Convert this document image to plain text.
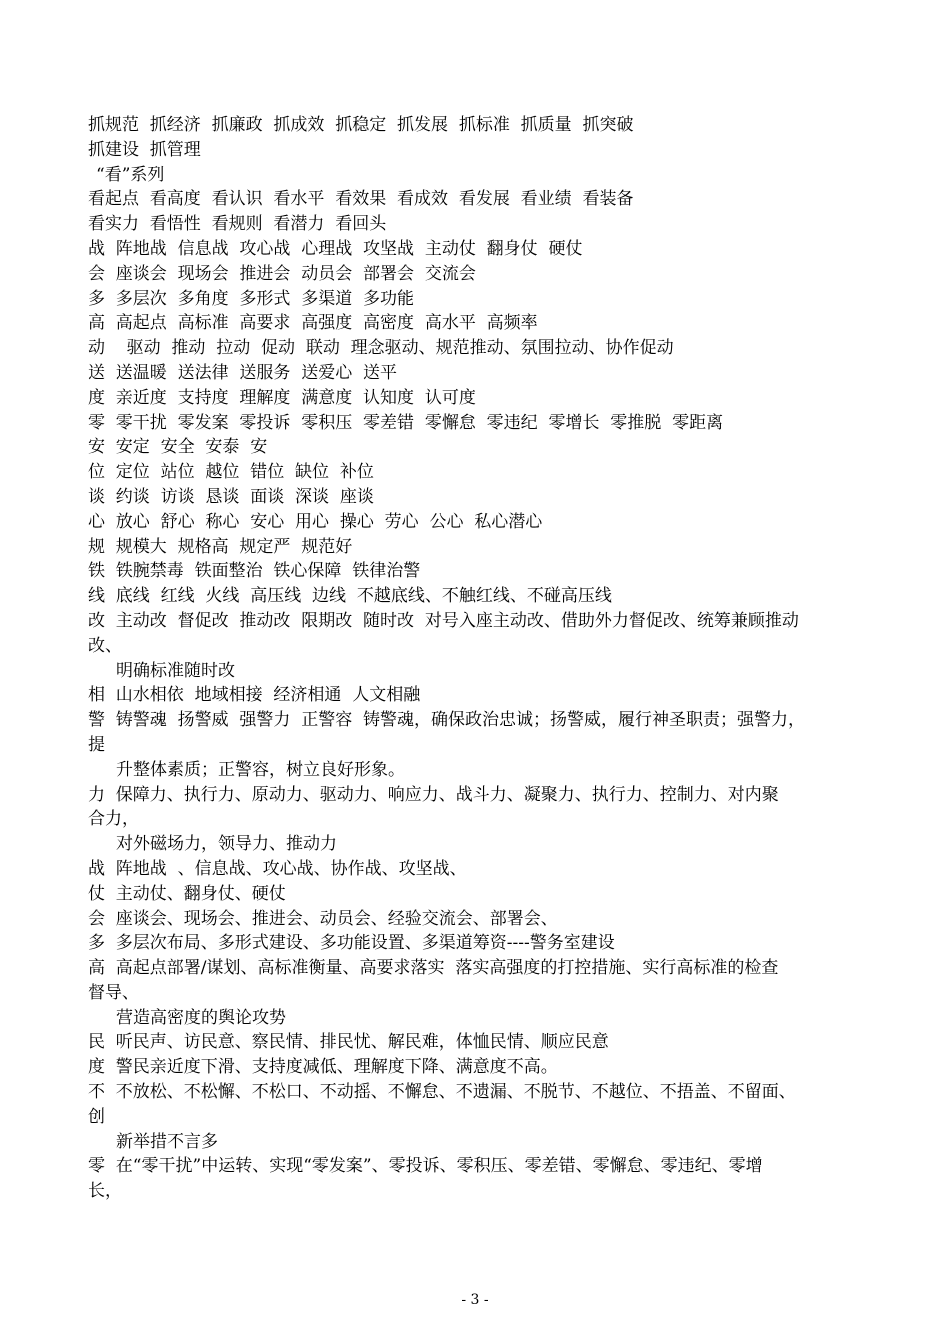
抓规范  抓经济  抓廉政  抓成效  抓稳定  抓发展  抓标准  抓质量  抓突破
抓建设  抓管理
“看”系列
看起点  看高度  看认识  看水平  看效果  看成效  看发展  看业绩  看装备
看实力  看悟性  看规则  看潜力  看回头
战  阵地战  信息战  攻心战  心理战  攻坚战  主动仗  翻身仗  硬仗
会  座谈会  现场会  推进会  动员会  部署会  交流会
多  多层次  多角度  多形式  多渠道  多功能
高  高起点  高标准  高要求  高强度  高密度  高水平  高频率
动    驱动  推动  拉动  促动  联动  理念驱动、规范推动、氛围拉动、协作促动
送  送温暖  送法律  送服务  送爱心  送平
度  亲近度  支持度  理解度  满意度  认知度  认可度
零  零干扰  零发案  零投诉  零积压  零差错  零懈怠  零违纪  零增长  零推脱  零距离
安  安定  安全  安泰  安
位  定位  站位  越位  错位  缺位  补位
谈  约谈  访谈  恳谈  面谈  深谈  座谈
心  放心  舒心  称心  安心  用心  操心  劳心  公心  私心潜心
规  规模大  规格高  规定严  规范好
铁  铁腕禁毒  铁面整治  铁心保障  铁律治警
线  底线  红线  火线  高压线  边线  不越底线、不触红线、不碰高压线
改  主动改  督促改  推动改  限期改  随时改  对号入座主动改、借助外力督促改、统筹兼顾推动
改、
明确标准随时改
相  山水相依  地域相接  经济相通  人文相融
警  铸警魂  扬警威  强警力  正警容  铸警魂，确保政治忠诚；扬警威，履行神圣职责；强警力，
提
升整体素质；正警容，树立良好形象。
力  保障力、执行力、原动力、驱动力、响应力、战斗力、凝聚力、执行力、控制力、对内聚
合力，
对外磁场力，领导力、推动力
战  阵地战  、信息战、攻心战、协作战、攻坚战、
仗  主动仗、翻身仗、硬仗
会  座谈会、现场会、推进会、动员会、经验交流会、部署会、
多  多层次布局、多形式建设、多功能设置、多渠道筹资----警务室建设
高  高起点部署/谋划、高标准衡量、高要求落实  落实高强度的打控措施、实行高标准的检查
督导、
营造高密度的舆论攻势
民  听民声、访民意、察民情、排民忧、解民难，体恤民情、顺应民意
度  警民亲近度下滑、支持度减低、理解度下降、满意度不高。
不  不放松、不松懈、不松口、不动摇、不懈怠、不遗漏、不脱节、不越位、不捂盖、不留面、
创
新举措不言多
零  在“零干扰”中运转、实现“零发案”、零投诉、零积压、零差错、零懈怠、零违纪、零增
长，
- 3 -
